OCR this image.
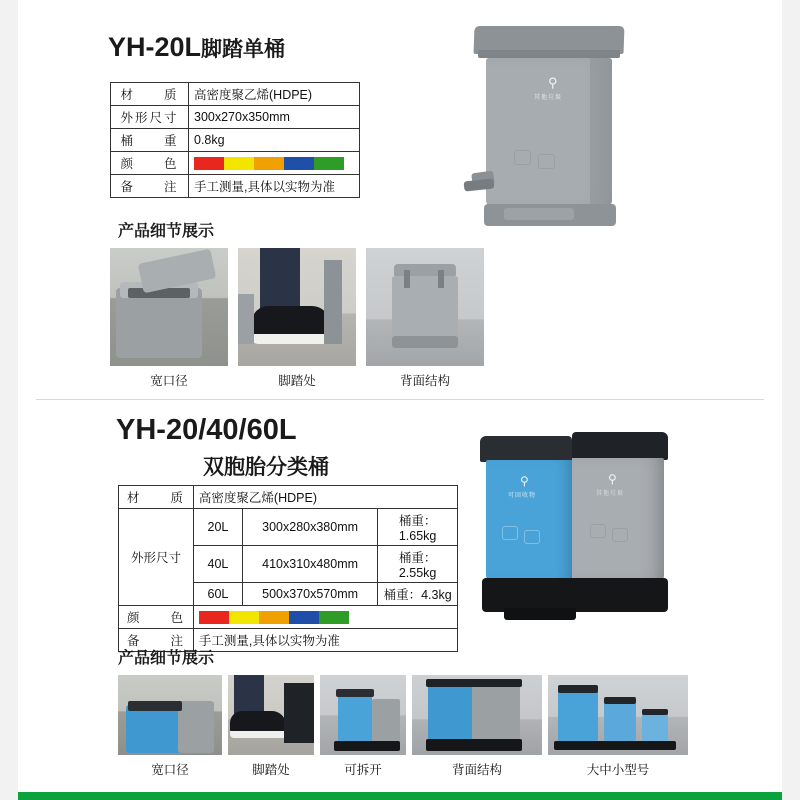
YH-20L脚踏单桶
材　　质	高密度聚乙烯(HDPE)
外形尺寸	300x270x350mm
桶　　重	0.8kg
颜　　色	

备　　注	手工测量,具体以实物为准
⚲
其他垃圾
产品细节展示
宽口径	脚踏处	背面结构
YH-20/40/60L
双胞胎分类桶
材　　质	高密度聚乙烯(HDPE)		
外形尺寸	20L	300x280x380mm	桶重：1.65kg
	40L	410x310x480mm	桶重：2.55kg
	60L	500x370x570mm	桶重：4.3kg
颜　　色			

备　　注	手工测量,具体以实物为准		
⚲
可回收物
⚲
其他垃圾
产品细节展示
宽口径	脚踏处	可拆开	背面结构	大中小型号
